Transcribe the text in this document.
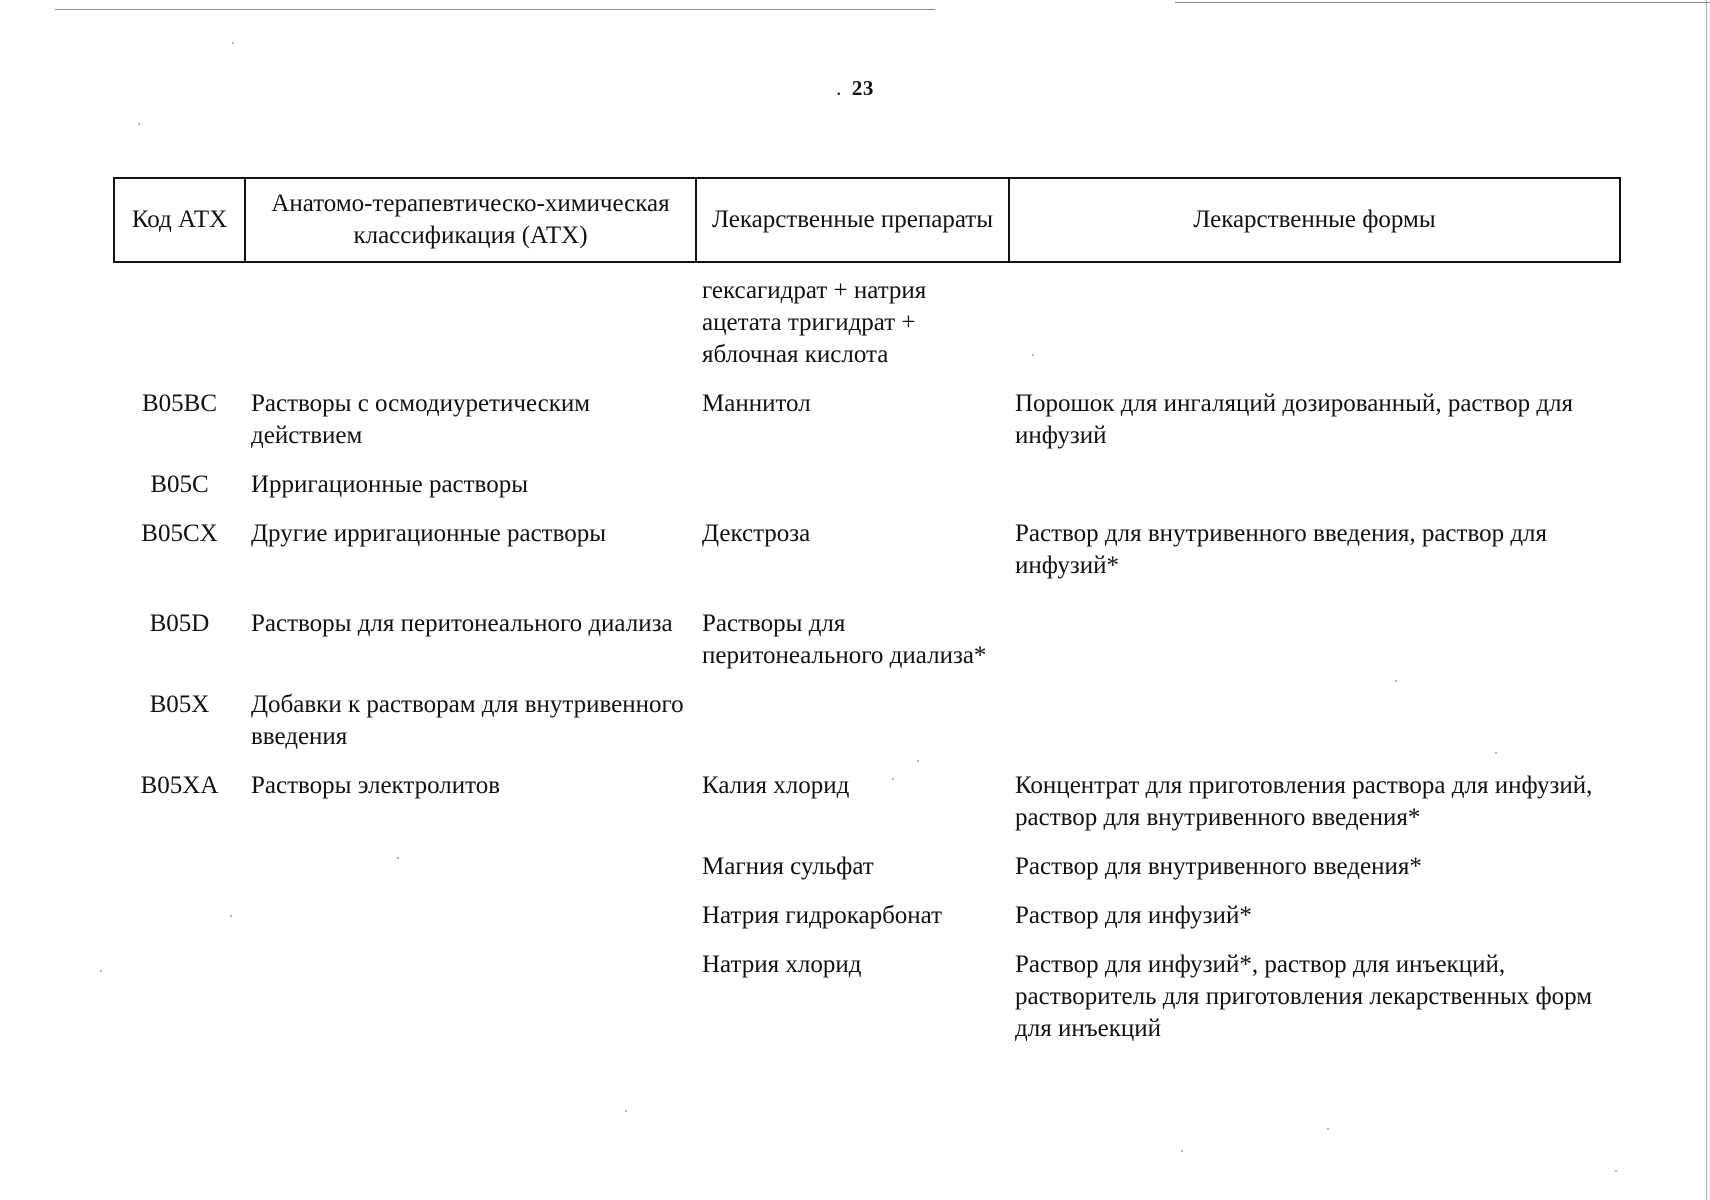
. 23
Код АТХ	Анатомо-терапевтическо-химическая классификация (АТХ)	Лекарственные препараты	Лекарственные формы
		гексагидрат + натрия ацетата тригидрат + яблочная кислота	
B05BC	Растворы с осмодиуретическим действием	Маннитол	Порошок для ингаляций дозированный, раствор для инфузий
B05C	Ирригационные растворы		
B05CX	Другие ирригационные растворы	Декстроза	Раствор для внутривенного введения, раствор для инфузий*
B05D	Растворы для перитонеального диализа	Растворы для перитонеального диализа*	
B05X	Добавки к растворам для внутривенного введения		
B05XA	Растворы электролитов	Калия хлорид	Концентрат для приготовления раствора для инфузий, раствор для внутривенного введения*
		Магния сульфат	Раствор для внутривенного введения*
		Натрия гидрокарбонат	Раствор для инфузий*
		Натрия хлорид	Раствор для инфузий*, раствор для инъекций, растворитель для приготовления лекарственных форм для инъекций
